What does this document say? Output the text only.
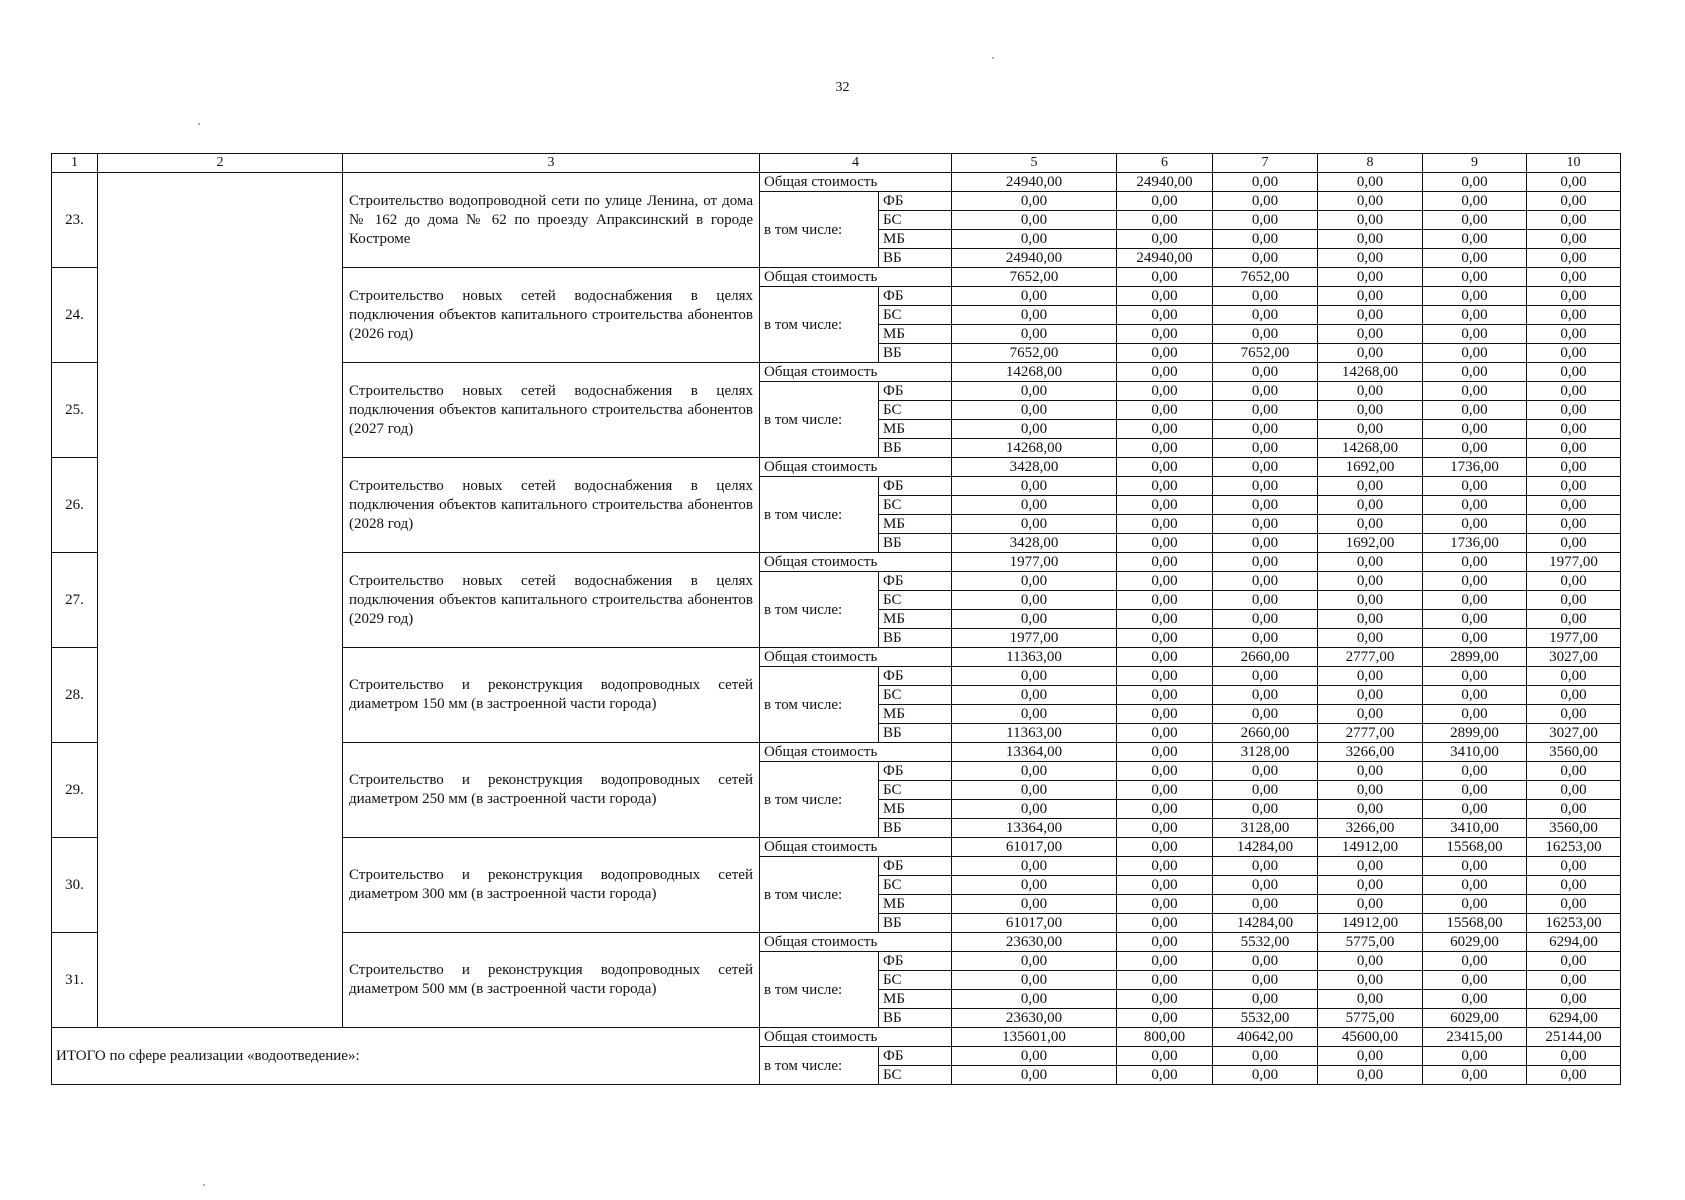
32
1	2	3	4		5	6	7	8	9	10
23.		Строительство водопроводной сети по улице Ленина, от дома № 162 до дома № 62 по проезду Апраксинский в городе Костроме	Общая стоимость		24940,00	24940,00	0,00	0,00	0,00	0,00
			в том числе:	ФБ	0,00	0,00	0,00	0,00	0,00	0,00
				БС	0,00	0,00	0,00	0,00	0,00	0,00
				МБ	0,00	0,00	0,00	0,00	0,00	0,00
				ВБ	24940,00	24940,00	0,00	0,00	0,00	0,00
24.		Строительство новых сетей водоснабжения в целях подключения объектов капитального строительства абонентов (2026 год)	Общая стоимость		7652,00	0,00	7652,00	0,00	0,00	0,00
			в том числе:	ФБ	0,00	0,00	0,00	0,00	0,00	0,00
				БС	0,00	0,00	0,00	0,00	0,00	0,00
				МБ	0,00	0,00	0,00	0,00	0,00	0,00
				ВБ	7652,00	0,00	7652,00	0,00	0,00	0,00
25.		Строительство новых сетей водоснабжения в целях подключения объектов капитального строительства абонентов (2027 год)	Общая стоимость		14268,00	0,00	0,00	14268,00	0,00	0,00
			в том числе:	ФБ	0,00	0,00	0,00	0,00	0,00	0,00
				БС	0,00	0,00	0,00	0,00	0,00	0,00
				МБ	0,00	0,00	0,00	0,00	0,00	0,00
				ВБ	14268,00	0,00	0,00	14268,00	0,00	0,00
26.		Строительство новых сетей водоснабжения в целях подключения объектов капитального строительства абонентов (2028 год)	Общая стоимость		3428,00	0,00	0,00	1692,00	1736,00	0,00
			в том числе:	ФБ	0,00	0,00	0,00	0,00	0,00	0,00
				БС	0,00	0,00	0,00	0,00	0,00	0,00
				МБ	0,00	0,00	0,00	0,00	0,00	0,00
				ВБ	3428,00	0,00	0,00	1692,00	1736,00	0,00
27.		Строительство новых сетей водоснабжения в целях подключения объектов капитального строительства абонентов (2029 год)	Общая стоимость		1977,00	0,00	0,00	0,00	0,00	1977,00
			в том числе:	ФБ	0,00	0,00	0,00	0,00	0,00	0,00
				БС	0,00	0,00	0,00	0,00	0,00	0,00
				МБ	0,00	0,00	0,00	0,00	0,00	0,00
				ВБ	1977,00	0,00	0,00	0,00	0,00	1977,00
28.		Строительство и реконструкция водопроводных сетей диаметром 150 мм (в застроенной части города)	Общая стоимость		11363,00	0,00	2660,00	2777,00	2899,00	3027,00
			в том числе:	ФБ	0,00	0,00	0,00	0,00	0,00	0,00
				БС	0,00	0,00	0,00	0,00	0,00	0,00
				МБ	0,00	0,00	0,00	0,00	0,00	0,00
				ВБ	11363,00	0,00	2660,00	2777,00	2899,00	3027,00
29.		Строительство и реконструкция водопроводных сетей диаметром 250 мм (в застроенной части города)	Общая стоимость		13364,00	0,00	3128,00	3266,00	3410,00	3560,00
			в том числе:	ФБ	0,00	0,00	0,00	0,00	0,00	0,00
				БС	0,00	0,00	0,00	0,00	0,00	0,00
				МБ	0,00	0,00	0,00	0,00	0,00	0,00
				ВБ	13364,00	0,00	3128,00	3266,00	3410,00	3560,00
30.		Строительство и реконструкция водопроводных сетей диаметром 300 мм (в застроенной части города)	Общая стоимость		61017,00	0,00	14284,00	14912,00	15568,00	16253,00
			в том числе:	ФБ	0,00	0,00	0,00	0,00	0,00	0,00
				БС	0,00	0,00	0,00	0,00	0,00	0,00
				МБ	0,00	0,00	0,00	0,00	0,00	0,00
				ВБ	61017,00	0,00	14284,00	14912,00	15568,00	16253,00
31.		Строительство и реконструкция водопроводных сетей диаметром 500 мм (в застроенной части города)	Общая стоимость		23630,00	0,00	5532,00	5775,00	6029,00	6294,00
			в том числе:	ФБ	0,00	0,00	0,00	0,00	0,00	0,00
				БС	0,00	0,00	0,00	0,00	0,00	0,00
				МБ	0,00	0,00	0,00	0,00	0,00	0,00
				ВБ	23630,00	0,00	5532,00	5775,00	6029,00	6294,00
ИТОГО по сфере реализации «водоотведение»:			Общая стоимость		135601,00	800,00	40642,00	45600,00	23415,00	25144,00
			в том числе:	ФБ	0,00	0,00	0,00	0,00	0,00	0,00
				БС	0,00	0,00	0,00	0,00	0,00	0,00
